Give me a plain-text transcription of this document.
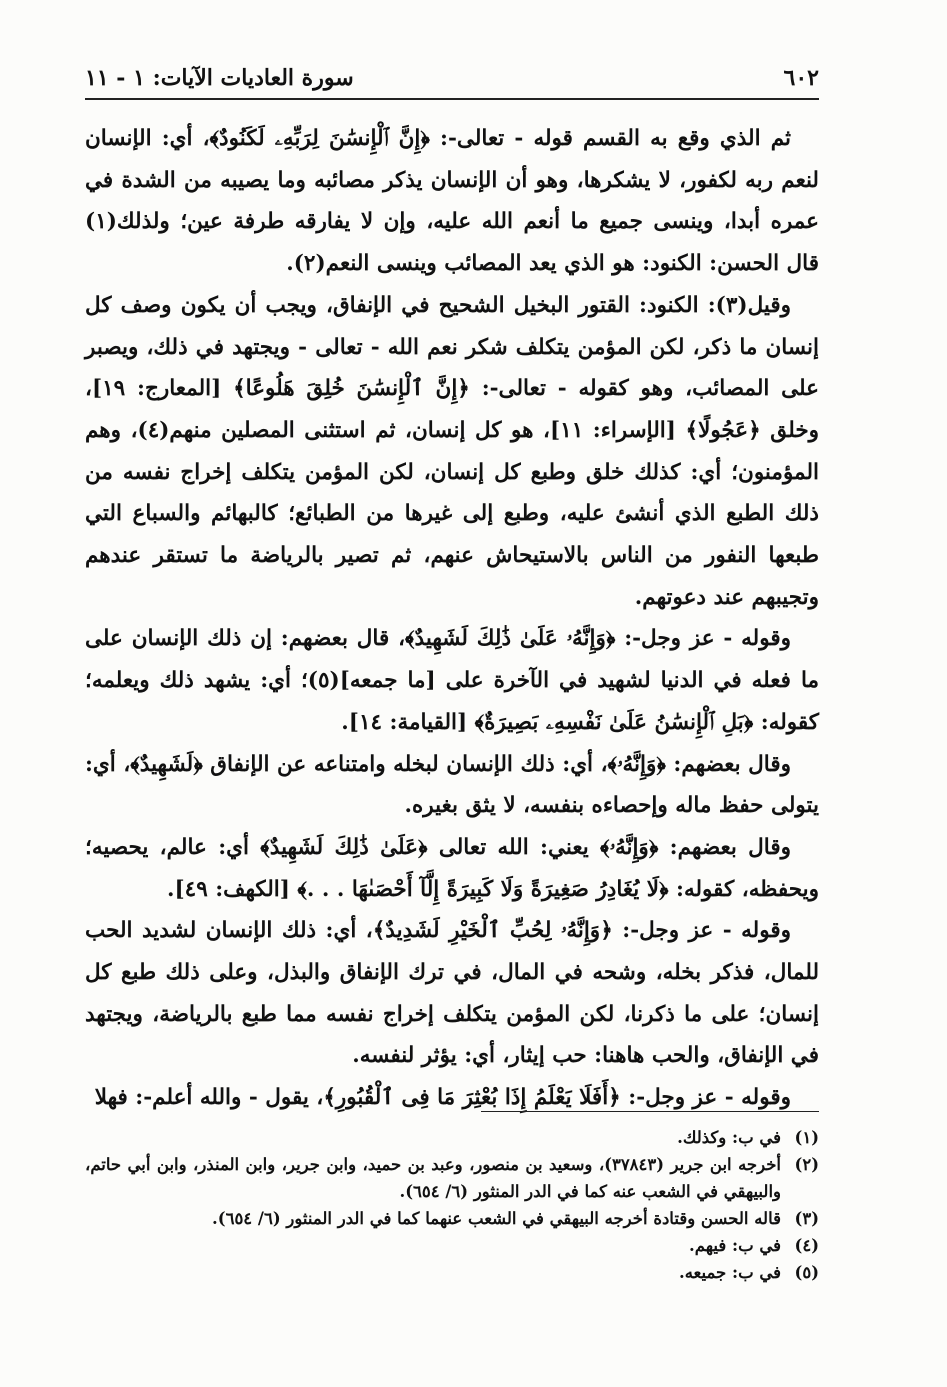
٦٠٢
سورة العاديات الآيات: ١ - ١١

ثم الذي وقع به القسم قوله - تعالى-: ﴿إِنَّ ٱلْإِنسَٰنَ لِرَبِّهِۦ لَكَنُودٌ﴾، أي: الإنسان لنعم ربه لكفور، لا يشكرها، وهو أن الإنسان يذكر مصائبه وما يصيبه من الشدة في عمره أبدا، وينسى جميع ما أنعم الله عليه، وإن لا يفارقه طرفة عين؛ ولذلك(١) قال الحسن: الكنود: هو الذي يعد المصائب وينسى النعم(٢).

وقيل(٣): الكنود: القتور البخيل الشحيح في الإنفاق، ويجب أن يكون وصف كل إنسان ما ذكر، لكن المؤمن يتكلف شكر نعم الله - تعالى - ويجتهد في ذلك، ويصبر على المصائب، وهو كقوله - تعالى-: ﴿إِنَّ ٱلْإِنسَٰنَ خُلِقَ هَلُوعًا﴾ [المعارج: ١٩]، وخلق ﴿عَجُولًا﴾ [الإسراء: ١١]، هو كل إنسان، ثم استثنى المصلين منهم(٤)، وهم المؤمنون؛ أي: كذلك خلق وطبع كل إنسان، لكن المؤمن يتكلف إخراج نفسه من ذلك الطبع الذي أنشئ عليه، وطبع إلى غيرها من الطبائع؛ كالبهائم والسباع التي طبعها النفور من الناس بالاستيحاش عنهم، ثم تصير بالرياضة ما تستقر عندهم وتجيبهم عند دعوتهم.

وقوله - عز وجل-: ﴿وَإِنَّهُۥ عَلَىٰ ذَٰلِكَ لَشَهِيدٌ﴾، قال بعضهم: إن ذلك الإنسان على ما فعله في الدنيا لشهيد في الآخرة على [ما جمعه](٥)؛ أي: يشهد ذلك ويعلمه؛ كقوله: ﴿بَلِ ٱلْإِنسَٰنُ عَلَىٰ نَفْسِهِۦ بَصِيرَةٌ﴾ [القيامة: ١٤].

وقال بعضهم: ﴿وَإِنَّهُۥ﴾، أي: ذلك الإنسان لبخله وامتناعه عن الإنفاق ﴿لَشَهِيدٌ﴾، أي: يتولى حفظ ماله وإحصاءه بنفسه، لا يثق بغيره.

وقال بعضهم: ﴿وَإِنَّهُۥ﴾ يعني: الله تعالى ﴿عَلَىٰ ذَٰلِكَ لَشَهِيدٌ﴾ أي: عالم، يحصيه؛ ويحفظه، كقوله: ﴿لَا يُغَادِرُ صَغِيرَةً وَلَا كَبِيرَةً إِلَّآ أَحْصَىٰهَا . . .﴾ [الكهف: ٤٩].

وقوله - عز وجل-: ﴿وَإِنَّهُۥ لِحُبِّ ٱلْخَيْرِ لَشَدِيدٌ﴾، أي: ذلك الإنسان لشديد الحب للمال، فذكر بخله، وشحه في المال، في ترك الإنفاق والبذل، وعلى ذلك طبع كل إنسان؛ على ما ذكرنا، لكن المؤمن يتكلف إخراج نفسه مما طبع بالرياضة، ويجتهد في الإنفاق، والحب هاهنا: حب إيثار، أي: يؤثر لنفسه.

وقوله - عز وجل-: ﴿أَفَلَا يَعْلَمُ إِذَا بُعْثِرَ مَا فِى ٱلْقُبُورِ﴾، يقول - والله أعلم-: فهلا

(١)
في ب: وكذلك.
(٢)
أخرجه ابن جرير (٣٧٨٤٣)، وسعيد بن منصور، وعبد بن حميد، وابن جرير، وابن المنذر، وابن أبي حاتم، والبيهقي في الشعب عنه كما في الدر المنثور (٦/ ٦٥٤).
(٣)
قاله الحسن وقتادة أخرجه البيهقي في الشعب عنهما كما في الدر المنثور (٦/ ٦٥٤).
(٤)
في ب: فيهم.
(٥)
في ب: جميعه.
